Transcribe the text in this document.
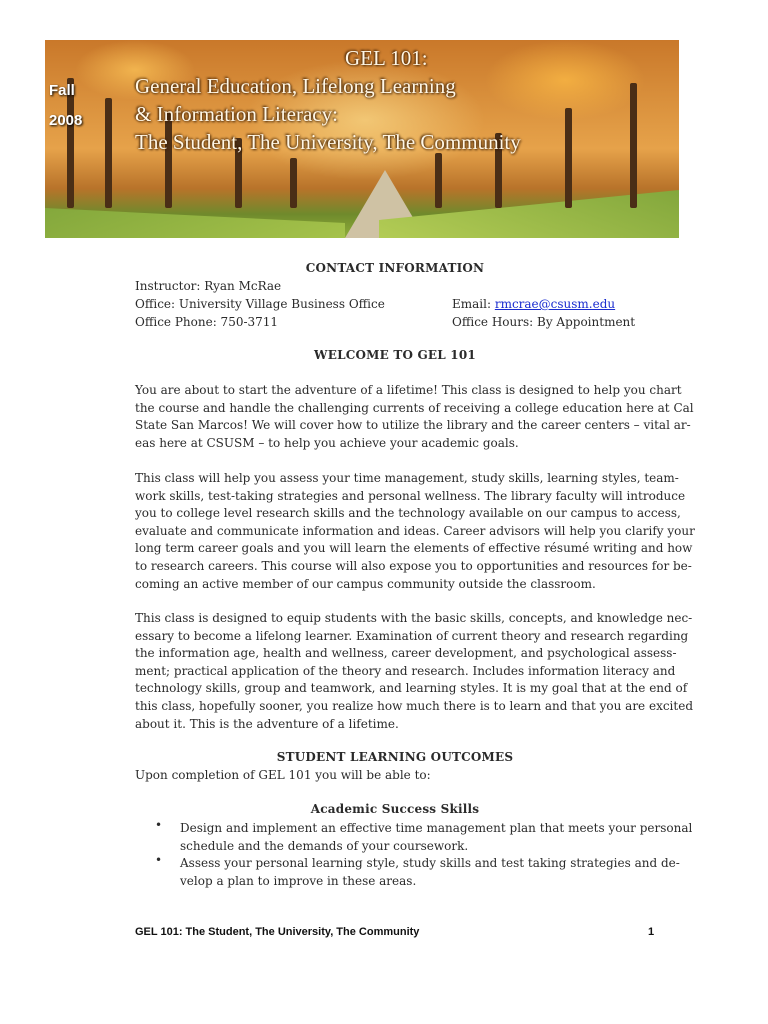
Fall
2008
GEL 101:
General Education, Lifelong Learning
& Information Literacy:
The Student, The University, The Community
CONTACT INFORMATION
Instructor: Ryan McRae
Office: University Village Business Office	Email: rmcrae@csusm.edu
Office Phone: 750-3711	Office Hours: By Appointment
WELCOME TO GEL 101
You are about to start the adventure of a lifetime! This class is designed to help you chart
the course and handle the challenging currents of receiving a college education here at Cal
State San Marcos! We will cover how to utilize the library and the career centers – vital ar-
eas here at CSUSM – to help you achieve your academic goals.
This class will help you assess your time management, study skills, learning styles, team-
work skills, test-taking strategies and personal wellness. The library faculty will introduce
you to college level research skills and the technology available on our campus to access,
evaluate and communicate information and ideas. Career advisors will help you clarify your
long term career goals and you will learn the elements of effective résumé writing and how
to research careers. This course will also expose you to opportunities and resources for be-
coming an active member of our campus community outside the classroom.
This class is designed to equip students with the basic skills, concepts, and knowledge nec-
essary to become a lifelong learner. Examination of current theory and research regarding
the information age, health and wellness, career development, and psychological assess-
ment; practical application of the theory and research. Includes information literacy and
technology skills, group and teamwork, and learning styles. It is my goal that at the end of
this class, hopefully sooner, you realize how much there is to learn and that you are excited
about it. This is the adventure of a lifetime.
STUDENT LEARNING OUTCOMES
Upon completion of GEL 101 you will be able to:
Academic Success Skills
• Design and implement an effective time management plan that meets your personal
schedule and the demands of your coursework.
• Assess your personal learning style, study skills and test taking strategies and de-
velop a plan to improve in these areas.
GEL 101: The Student, The University, The Community	1
